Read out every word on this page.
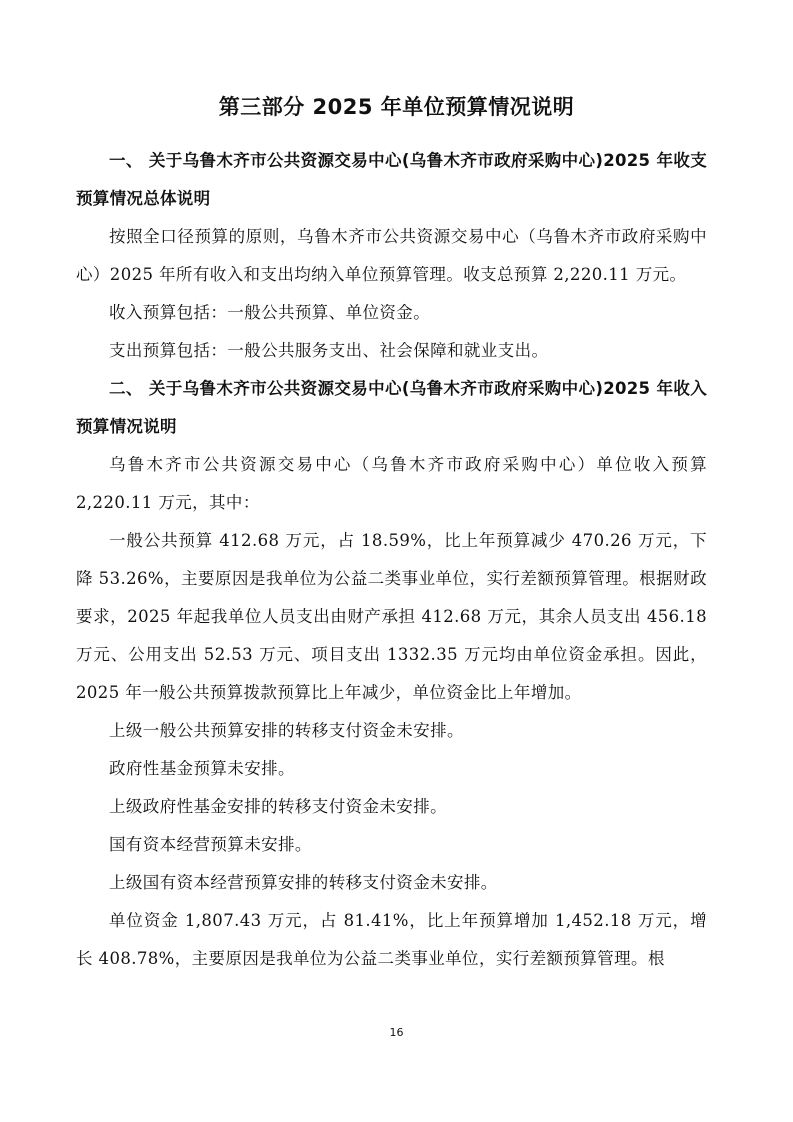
第三部分 2025 年单位预算情况说明

一、 关于乌鲁木齐市公共资源交易中心(乌鲁木齐市政府采购中心)2025 年收支预算情况总体说明

按照全口径预算的原则，乌鲁木齐市公共资源交易中心（乌鲁木齐市政府采购中心）2025 年所有收入和支出均纳入单位预算管理。收支总预算 2,220.11 万元。

收入预算包括：一般公共预算、单位资金。

支出预算包括：一般公共服务支出、社会保障和就业支出。

二、 关于乌鲁木齐市公共资源交易中心(乌鲁木齐市政府采购中心)2025 年收入预算情况说明

乌鲁木齐市公共资源交易中心（乌鲁木齐市政府采购中心）单位收入预算 2,220.11 万元，其中：

一般公共预算 412.68 万元，占 18.59%，比上年预算减少 470.26 万元，下降 53.26%，主要原因是我单位为公益二类事业单位，实行差额预算管理。根据财政要求，2025 年起我单位人员支出由财产承担 412.68 万元，其余人员支出 456.18 万元、公用支出 52.53 万元、项目支出 1332.35 万元均由单位资金承担。因此，2025 年一般公共预算拨款预算比上年减少，单位资金比上年增加。

上级一般公共预算安排的转移支付资金未安排。

政府性基金预算未安排。

上级政府性基金安排的转移支付资金未安排。

国有资本经营预算未安排。

上级国有资本经营预算安排的转移支付资金未安排。

单位资金 1,807.43 万元，占 81.41%，比上年预算增加 1,452.18 万元，增长 408.78%，主要原因是我单位为公益二类事业单位，实行差额预算管理。根

16
